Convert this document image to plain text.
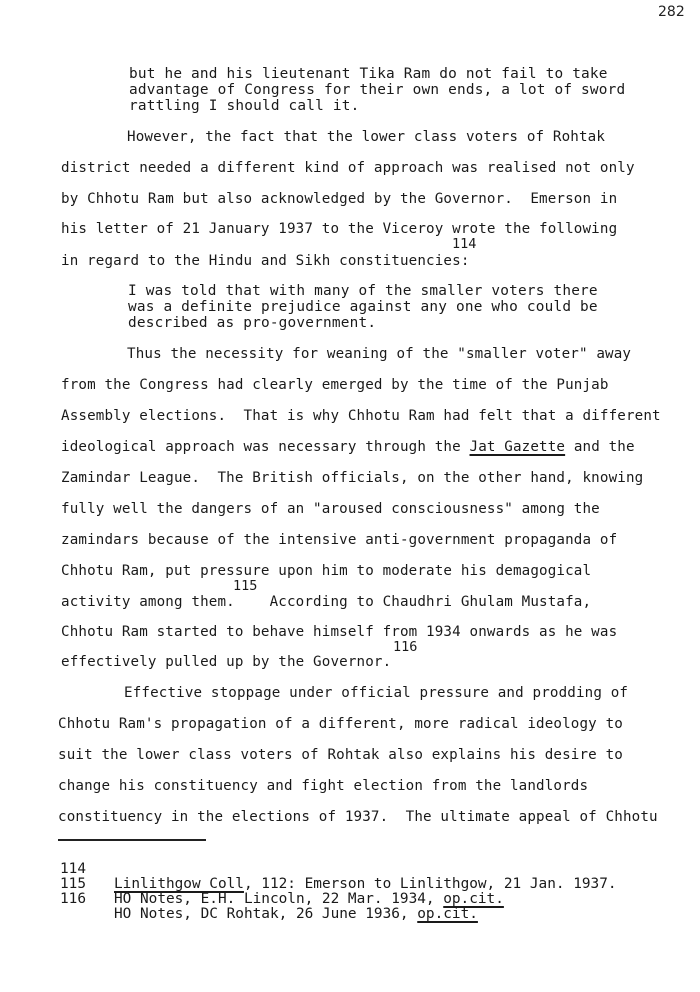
282
but he and his lieutenant Tika Ram do not fail to take
advantage of Congress for their own ends, a lot of sword
rattling I should call it.
However, the fact that the lower class voters of Rohtak
district needed a different kind of approach was realised not only
by Chhotu Ram but also acknowledged by the Governor.  Emerson in
his letter of 21 January 1937 to the Viceroy wrote the following
114
in regard to the Hindu and Sikh constituencies:
I was told that with many of the smaller voters there
was a definite prejudice against any one who could be
described as pro-government.
Thus the necessity for weaning of the "smaller voter" away
from the Congress had clearly emerged by the time of the Punjab
Assembly elections.  That is why Chhotu Ram had felt that a different
ideological approach was necessary through the Jat Gazette and the
Zamindar League.  The British officials, on the other hand, knowing
fully well the dangers of an "aroused consciousness" among the
zamindars because of the intensive anti-government propaganda of
Chhotu Ram, put pressure upon him to moderate his demagogical
115
activity among them.    According to Chaudhri Ghulam Mustafa,
Chhotu Ram started to behave himself from 1934 onwards as he was
116
effectively pulled up by the Governor.
Effective stoppage under official pressure and prodding of
Chhotu Ram's propagation of a different, more radical ideology to
suit the lower class voters of Rohtak also explains his desire to
change his constituency and fight election from the landlords
constituency in the elections of 1937.  The ultimate appeal of Chhotu

114

Linlithgow Coll, 112: Emerson to Linlithgow, 21 Jan. 1937.

115

HO Notes, E.H. Lincoln, 22 Mar. 1934, op.cit.

116

HO Notes, DC Rohtak, 26 June 1936, op.cit.
